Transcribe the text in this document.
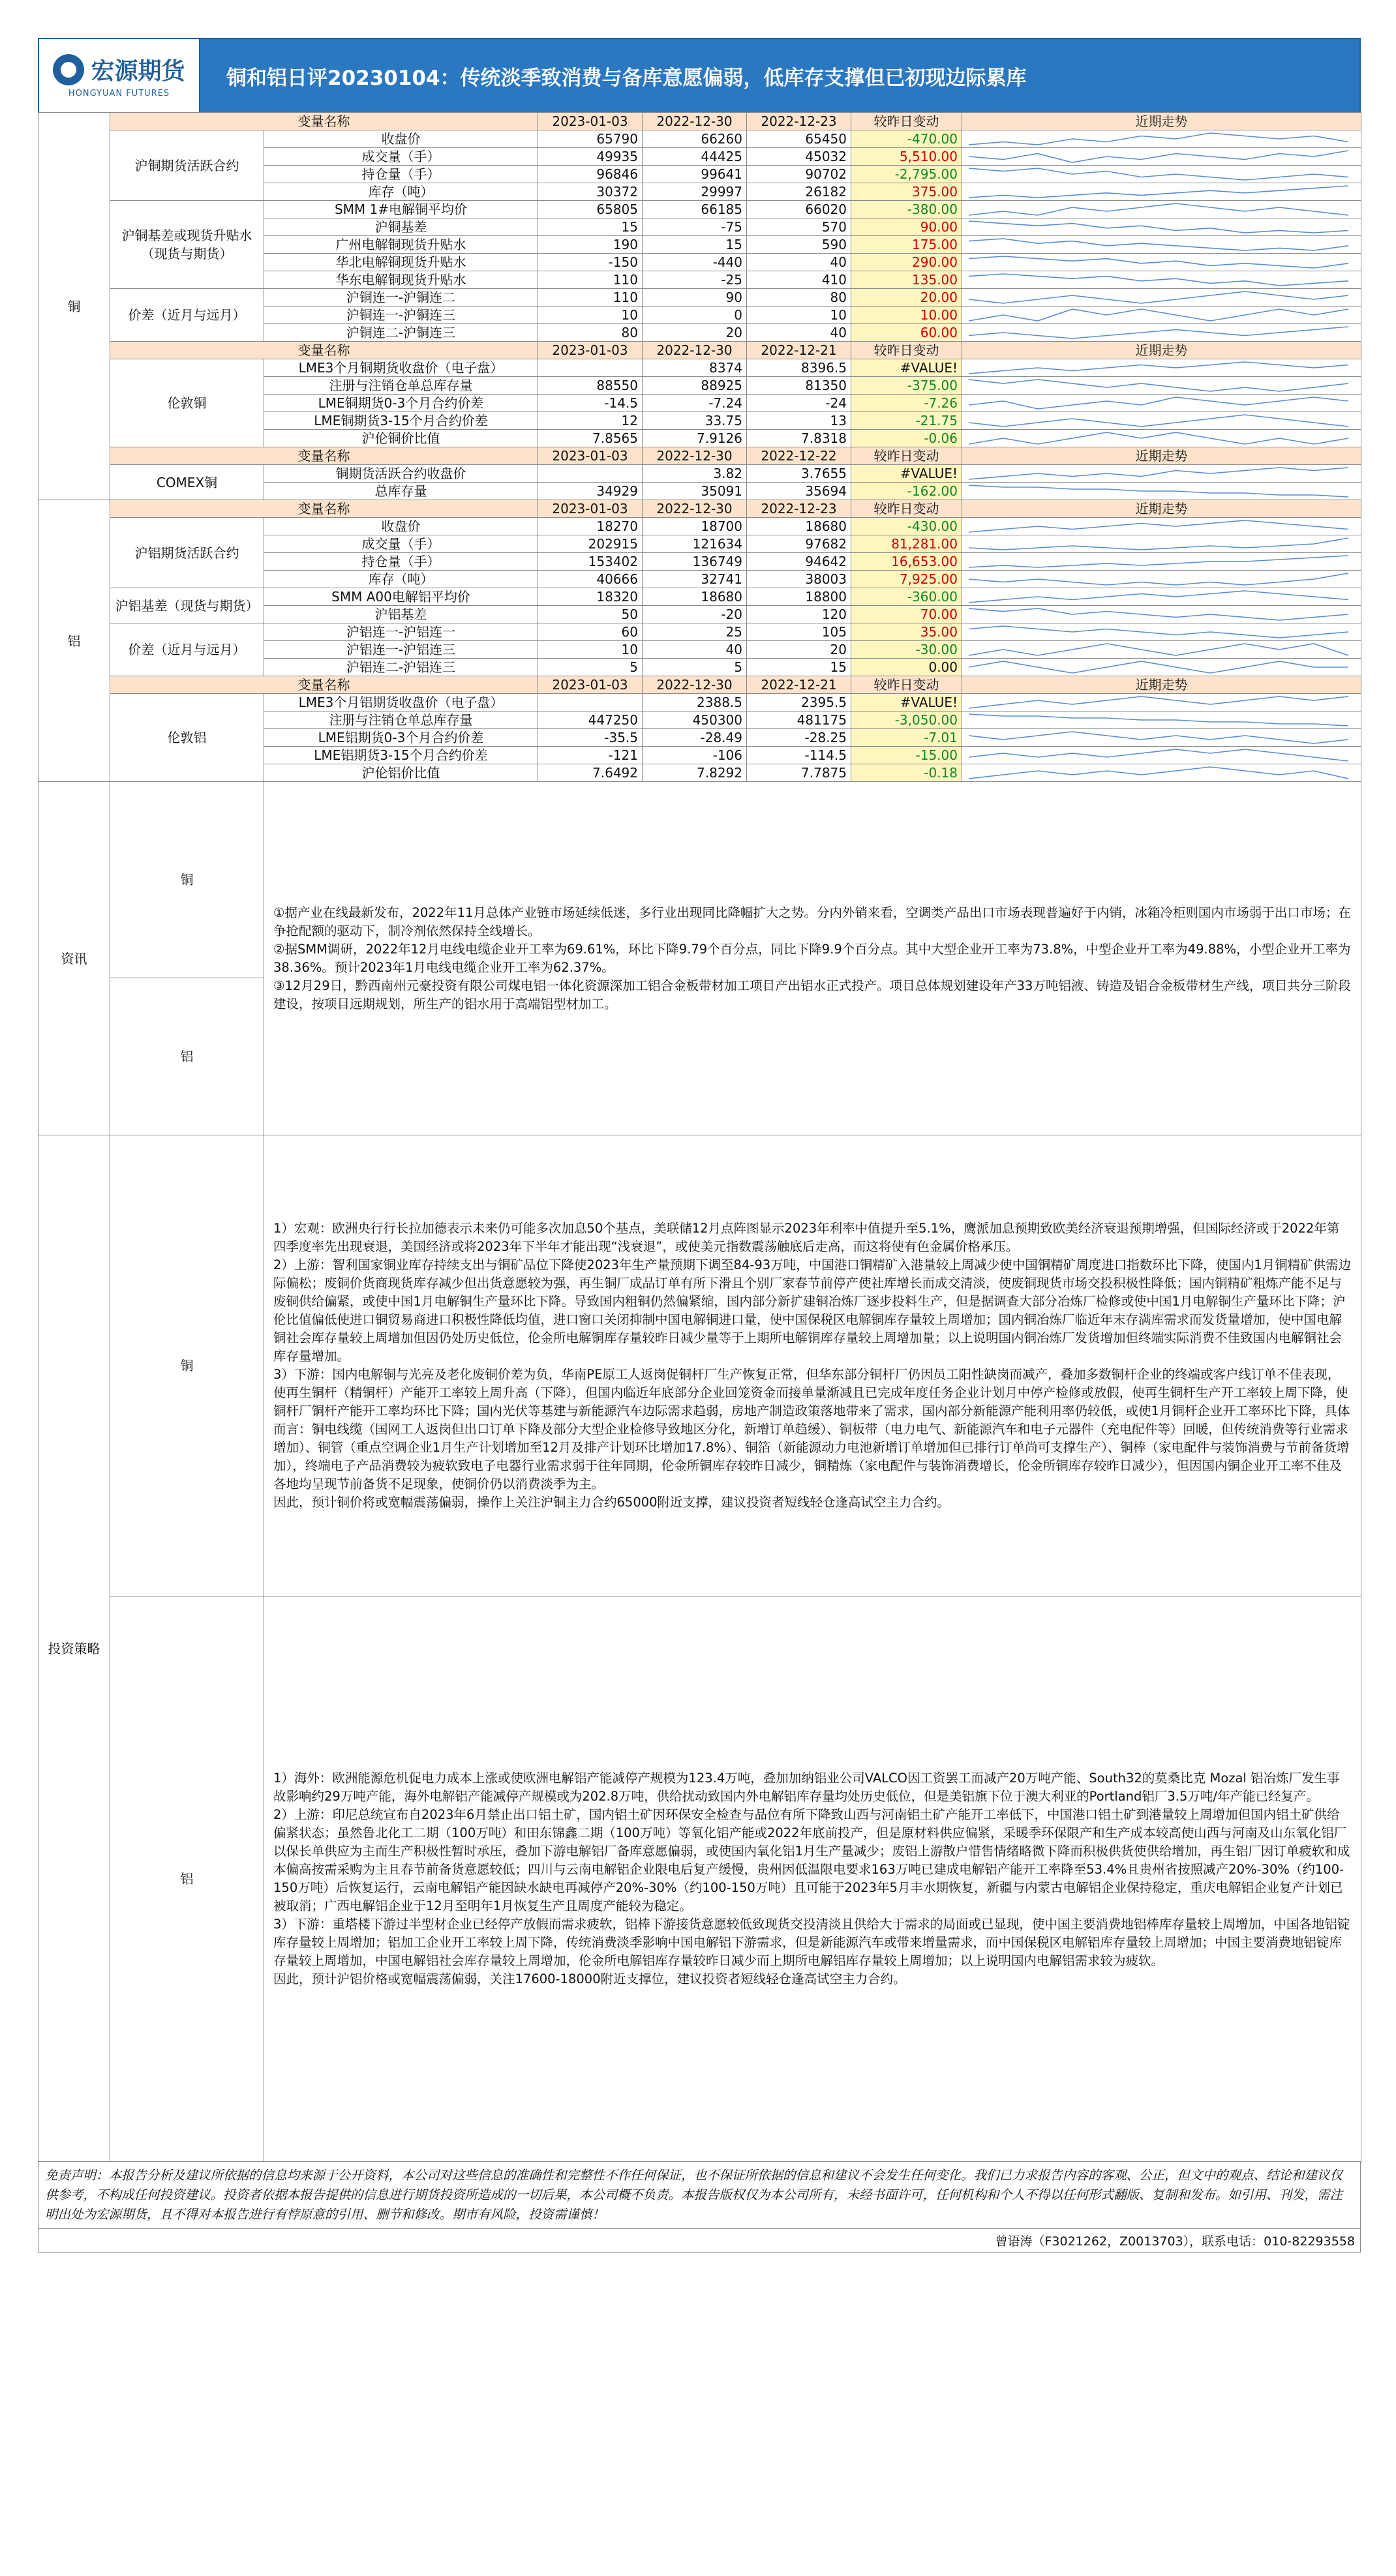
宏源期货
HONGYUAN FUTURES
铜和铝日评20230104：传统淡季致消费与备库意愿偏弱，低库存支撑但已初现边际累库
铜	变量名称		2023-01-03	2022-12-30	2022-12-23	较昨日变动	近期走势
	沪铜期货活跃合约	收盘价	65790	66260	65450	-470.00	

		成交量（手）	49935	44425	45032	5,510.00	

		持仓量（手）	96846	99641	90702	-2,795.00	

		库存（吨）	30372	29997	26182	375.00	

	沪铜基差或现货升贴水（现货与期货）	SMM 1#电解铜平均价	65805	66185	66020	-380.00	

		沪铜基差	15	-75	570	90.00	

		广州电解铜现货升贴水	190	15	590	175.00	

		华北电解铜现货升贴水	-150	-440	40	290.00	

		华东电解铜现货升贴水	110	-25	410	135.00	

	价差（近月与远月）	沪铜连一-沪铜连二	110	90	80	20.00	

		沪铜连一-沪铜连三	10	0	10	10.00	

		沪铜连二-沪铜连三	80	20	40	60.00	

	变量名称		2023-01-03	2022-12-30	2022-12-21	较昨日变动	近期走势
	伦敦铜	LME3个月铜期货收盘价（电子盘）		8374	8396.5	#VALUE!	

		注册与注销仓单总库存量	88550	88925	81350	-375.00	

		LME铜期货0-3个月合约价差	-14.5	-7.24	-24	-7.26	

		LME铜期货3-15个月合约价差	12	33.75	13	-21.75	

		沪伦铜价比值	7.8565	7.9126	7.8318	-0.06	

	变量名称		2023-01-03	2022-12-30	2022-12-22	较昨日变动	近期走势
	COMEX铜	铜期货活跃合约收盘价		3.82	3.7655	#VALUE!	

		总库存量	34929	35091	35694	-162.00	

铝	变量名称		2023-01-03	2022-12-30	2022-12-23	较昨日变动	近期走势
	沪铝期货活跃合约	收盘价	18270	18700	18680	-430.00	

		成交量（手）	202915	121634	97682	81,281.00	

		持仓量（手）	153402	136749	94642	16,653.00	

		库存（吨）	40666	32741	38003	7,925.00	

	沪铝基差（现货与期货）	SMM A00电解铝平均价	18320	18680	18800	-360.00	

		沪铝基差	50	-20	120	70.00	

	价差（近月与远月）	沪铝连一-沪铝连一	60	25	105	35.00	

		沪铝连一-沪铝连三	10	40	20	-30.00	

		沪铝连二-沪铝连三	5	5	15	0.00	

	变量名称		2023-01-03	2022-12-30	2022-12-21	较昨日变动	近期走势
	伦敦铝	LME3个月铝期货收盘价（电子盘）		2388.5	2395.5	#VALUE!	

		注册与注销仓单总库存量	447250	450300	481175	-3,050.00	

		LME铝期货0-3个月合约价差	-35.5	-28.49	-28.25	-7.01	

		LME铝期货3-15个月合约价差	-121	-106	-114.5	-15.00	

		沪伦铝价比值	7.6492	7.8292	7.7875	-0.18	

资讯	铜	①据产业在线最新发布，2022年11月总体产业链市场延续低迷，多行业出现同比降幅扩大之势。分内外销来看，空调类产品出口市场表现普遍好于内销，冰箱冷柜则国内市场弱于出口市场；在争抢配额的驱动下，制冷剂依然保持全线增长。

②据SMM调研，2022年12月电线电缆企业开工率为69.61%，环比下降9.79个百分点，同比下降9.9个百分点。其中大型企业开工率为73.8%，中型企业开工率为49.88%，小型企业开工率为38.36%。预计2023年1月电线电缆企业开工率为62.37%。

③12月29日，黔西南州元豪投资有限公司煤电铝一体化资源深加工铝合金板带材加工项目产出铝水正式投产。项目总体规划建设年产33万吨铝液、铸造及铝合金板带材生产线，项目共分三阶段建设，按项目远期规划，所生产的铝水用于高端铝型材加工。					

	铝						
投资策略	铜	1）宏观：欧洲央行行长拉加德表示未来仍可能多次加息50个基点，美联储12月点阵图显示2023年利率中值提升至5.1%，鹰派加息预期致欧美经济衰退预期增强，但国际经济或于2022年第四季度率先出现衰退，美国经济或将2023年下半年才能出现“浅衰退”，或使美元指数震荡触底后走高，而这将使有色金属价格承压。

2）上游：智利国家铜业库存持续支出与铜矿品位下降使2023年生产量预期下调至84-93万吨，中国港口铜精矿入港量较上周减少使中国铜精矿周度进口指数环比下降，使国内1月铜精矿供需边际偏松；废铜价货商现货库存减少但出货意愿较为强，再生铜厂成品订单有所下滑且个别厂家春节前停产使社库增长而成交清淡，使废铜现货市场交投积极性降低；国内铜精矿粗炼产能不足与废铜供给偏紧，或使中国1月电解铜生产量环比下降。导致国内粗铜仍然偏紧缩，国内部分新扩建铜冶炼厂逐步投料生产，但是据调查大部分冶炼厂检修或使中国1月电解铜生产量环比下降；沪伦比值偏低使进口铜贸易商进口积极性降低均值，进口窗口关闭抑制中国电解铜进口量，使中国保税区电解铜库存量较上周增加；国内铜冶炼厂临近年末存满库需求而发货量增加，使中国电解铜社会库存量较上周增加但因仍处历史低位，伦金所电解铜库存量较昨日减少量等于上期所电解铜库存量较上周增加量；以上说明国内铜冶炼厂发货增加但终端实际消费不佳致国内电解铜社会库存量增加。

3）下游：国内电解铜与光亮及老化废铜价差为负，华南PE原工人返岗促铜杆厂生产恢复正常，但华东部分铜杆厂仍因员工阳性缺岗而减产，叠加多数铜杆企业的终端或客户线订单不佳表现，使再生铜杆（精铜杆）产能开工率较上周升高（下降），但国内临近年底部分企业回笼资金而接单量渐减且已完成年度任务企业计划月中停产检修或放假，使再生铜杆生产开工率较上周下降，使铜杆厂铜杆产能开工率均环比下降；国内光伏等基建与新能源汽车边际需求趋弱，房地产制造政策落地带来了需求，国内部分新能源产能利用率仍较低，或使1月铜杆企业开工率环比下降，具体而言：铜电线缆（国网工人返岗但出口订单下降及部分大型企业检修导致地区分化，新增订单趋缓）、铜板带（电力电气、新能源汽车和电子元器件（充电配件等）回暖，但传统消费等行业需求增加）、铜管（重点空调企业1月生产计划增加至12月及排产计划环比增加17.8%）、铜箔（新能源动力电池新增订单增加但已排行订单尚可支撑生产）、铜棒（家电配件与装饰消费与节前备货增加），终端电子产品消费较为疲软致电子电器行业需求弱于往年同期，伦金所铜库存较昨日减少，铜精炼（家电配件与装饰消费增长，伦金所铜库存较昨日减少），但因国内铜企业开工率不佳及各地均呈现节前备货不足现象，使铜价仍以消费淡季为主。

因此，预计铜价将或宽幅震荡偏弱，操作上关注沪铜主力合约65000附近支撑，建议投资者短线轻仓逢高试空主力合约。					

	铝	1）海外：欧洲能源危机促电力成本上涨或使欧洲电解铝产能减停产规模为123.4万吨，叠加加纳铝业公司VALCO因工资罢工而减产20万吨产能、South32的莫桑比克 Mozal 铝冶炼厂发生事故影响约29万吨产能，海外电解铝产能减停产规模或为202.8万吨，供给扰动致国内外电解铝库存量均处历史低位，但是美铝旗下位于澳大利亚的Portland铝厂3.5万吨/年产能已经复产。

2）上游：印尼总统宣布自2023年6月禁止出口铝土矿，国内铝土矿因环保安全检查与品位有所下降致山西与河南铝土矿产能开工率低下，中国港口铝土矿到港量较上周增加但国内铝土矿供给偏紧状态；虽然鲁北化工二期（100万吨）和田东锦鑫二期（100万吨）等氧化铝产能或2022年底前投产，但是原材料供应偏紧，采暖季环保限产和生产成本较高使山西与河南及山东氧化铝厂以保长单供应为主而生产积极性暂时承压，叠加下游电解铝厂备库意愿偏弱，或使国内氧化铝1月生产量减少；废铝上游散户惜售情绪略微下降而积极供货使供给增加，再生铝厂因订单疲软和成本偏高按需采购为主且春节前备货意愿较低；四川与云南电解铝企业限电后复产缓慢，贵州因低温限电要求163万吨已建成电解铝产能开工率降至53.4%且贵州省按照减产20%-30%（约100-150万吨）后恢复运行，云南电解铝产能因缺水缺电再减停产20%-30%（约100-150万吨）且可能于2023年5月丰水期恢复，新疆与内蒙古电解铝企业保持稳定，重庆电解铝企业复产计划已被取消；广西电解铝企业于12月至明年1月恢复生产且周度产能较为稳定。

3）下游：重塔楼下游过半型材企业已经停产放假而需求疲软，铝棒下游接货意愿较低致现货交投清淡且供给大于需求的局面或已显现，使中国主要消费地铝棒库存量较上周增加，中国各地铝锭库存量较上周增加；铝加工企业开工率较上周下降，传统消费淡季影响中国电解铝下游需求，但是新能源汽车或带来增量需求，而中国保税区电解铝库存量较上周增加；中国主要消费地铝锭库存量较上周增加，中国电解铝社会库存量较上周增加，伦金所电解铝库存量较昨日减少而上期所电解铝库存量较上周增加；以上说明国内电解铝需求较为疲软。

因此，预计沪铝价格或宽幅震荡偏弱，关注17600-18000附近支撑位，建议投资者短线轻仓逢高试空主力合约。					

免责声明：本报告分析及建议所依据的信息均来源于公开资料，本公司对这些信息的准确性和完整性不作任何保证，也不保证所依据的信息和建议不会发生任何变化。我们已力求报告内容的客观、公正，但文中的观点、结论和建议仅供参考，不构成任何投资建议。投资者依据本报告提供的信息进行期货投资所造成的一切后果，本公司概不负责。本报告版权仅为本公司所有，未经书面许可，任何机构和个人不得以任何形式翻版、复制和发布。如引用、刊发，需注明出处为宏源期货，且不得对本报告进行有悖原意的引用、删节和修改。期市有风险，投资需谨慎！
曾语涛（F3021262，Z0013703），联系电话：010-82293558
